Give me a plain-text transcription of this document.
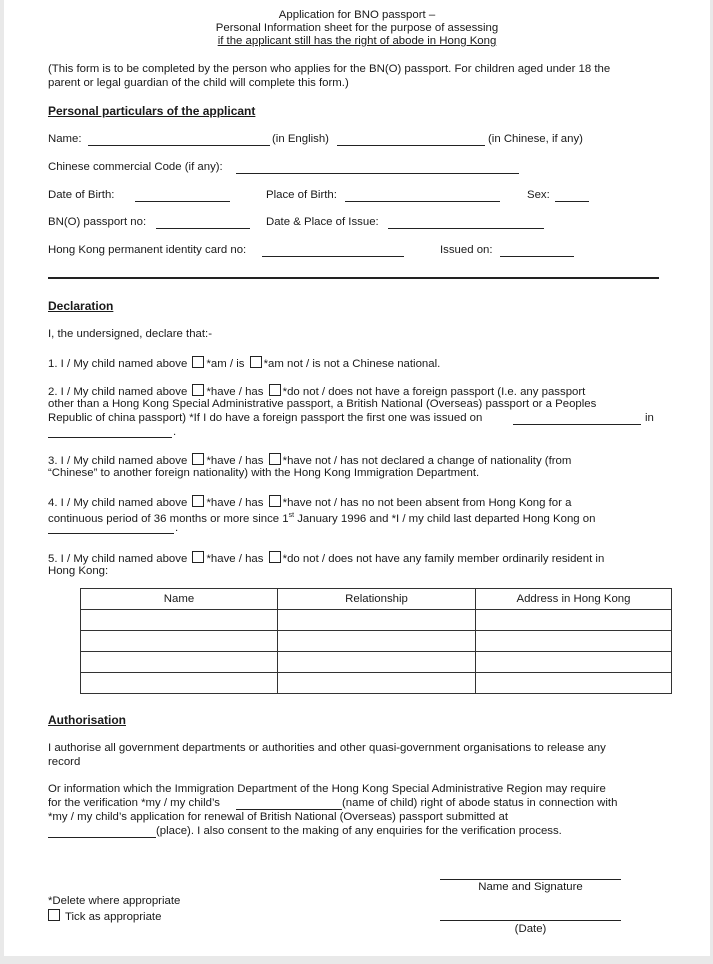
Application for BNO passport –
Personal Information sheet for the purpose of assessing
if the applicant still has the right of abode in Hong Kong
(This form is to be completed by the person who applies for the BN(O) passport. For children aged under 18 the
parent or legal guardian of the child will complete this form.)
Personal particulars of the applicant
Name:	(in English)	(in Chinese, if any)
Chinese commercial Code (if any):
Date of Birth:	Place of Birth:	Sex:
BN(O) passport no:	Date & Place of Issue:
Hong Kong permanent identity card no:	Issued on:
Declaration
I, the undersigned, declare that:-
1. I / My child named above *am / is *am not / is not a Chinese national.
2. I / My child named above *have / has *do not / does not have a foreign passport (I.e. any passport
other than a Hong Kong Special Administrative passport, a British National (Overseas) passport or a Peoples
Republic of china passport) *If I do have a foreign passport the first one was issued on	in
.
3. I / My child named above *have / has *have not / has not declared a change of nationality (from
“Chinese” to another foreign nationality) with the Hong Kong Immigration Department.
4. I / My child named above *have / has *have not / has no not been absent from Hong Kong for a
continuous period of 36 months or more since 1st January 1996 and *I / my child last departed Hong Kong on
.
5. I / My child named above *have / has *do not / does not have any family member ordinarily resident in
Hong Kong:
Name	Relationship	Address in Hong Kong

Authorisation
I authorise all government departments or authorities and other quasi-government organisations to release any
record
Or information which the Immigration Department of the Hong Kong Special Administrative Region may require
for the verification *my / my child’s	(name of child) right of abode status in connection with
*my / my child’s application for renewal of British National (Overseas) passport submitted at
(place). I also consent to the making of any enquiries for the verification process.
Name and Signature
*Delete where appropriate
Tick as appropriate
(Date)
